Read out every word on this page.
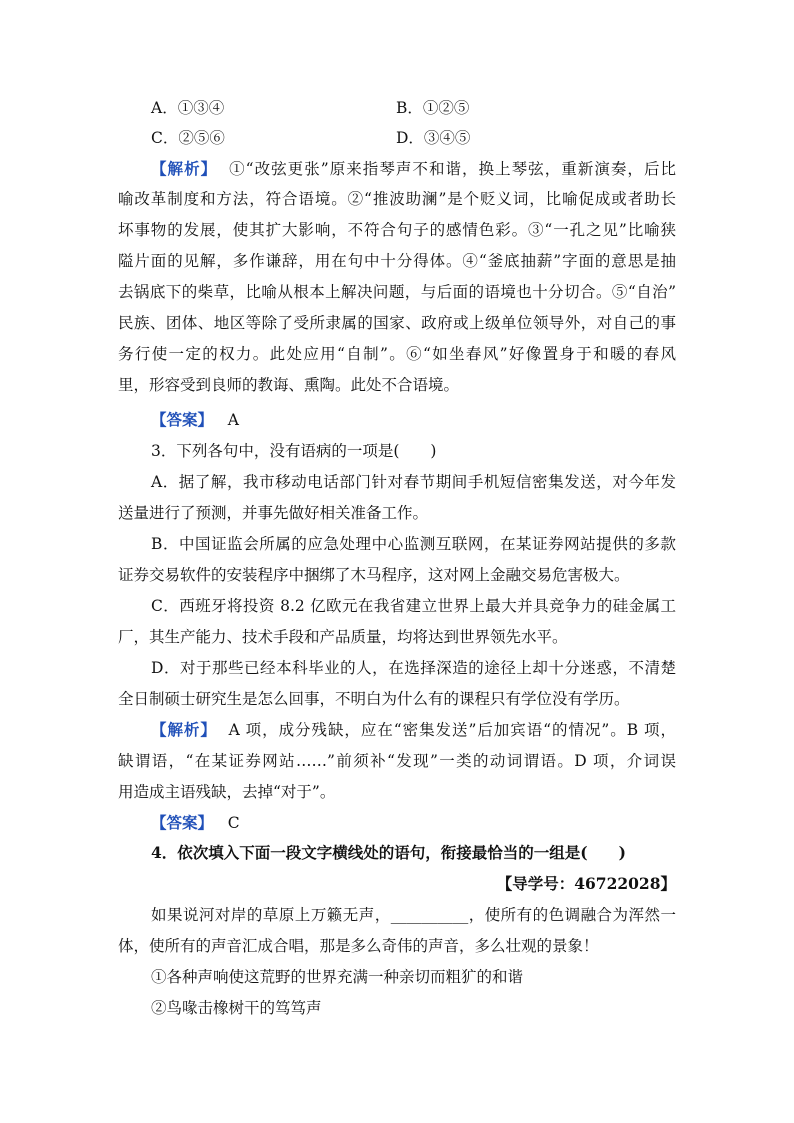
A．①③④	B．①②⑤
C．②⑤⑥	D．③④⑤
【解析】 ①“改弦更张”原来指琴声不和谐，换上琴弦，重新演奏，后比
喻改革制度和方法，符合语境。②“推波助澜”是个贬义词，比喻促成或者助长
坏事物的发展，使其扩大影响，不符合句子的感情色彩。③“一孔之见”比喻狭
隘片面的见解，多作谦辞，用在句中十分得体。④“釜底抽薪”字面的意思是抽
去锅底下的柴草，比喻从根本上解决问题，与后面的语境也十分切合。⑤“自治”
民族、团体、地区等除了受所隶属的国家、政府或上级单位领导外，对自己的事
务行使一定的权力。此处应用“自制”。⑥“如坐春风”好像置身于和暖的春风
里，形容受到良师的教诲、熏陶。此处不合语境。
【答案】 A
3．下列各句中，没有语病的一项是(　　)
A．据了解，我市移动电话部门针对春节期间手机短信密集发送，对今年发
送量进行了预测，并事先做好相关准备工作。
B．中国证监会所属的应急处理中心监测互联网，在某证券网站提供的多款
证券交易软件的安装程序中捆绑了木马程序，这对网上金融交易危害极大。
C．西班牙将投资 8.2 亿欧元在我省建立世界上最大并具竞争力的硅金属工
厂，其生产能力、技术手段和产品质量，均将达到世界领先水平。
D．对于那些已经本科毕业的人，在选择深造的途径上却十分迷惑，不清楚
全日制硕士研究生是怎么回事，不明白为什么有的课程只有学位没有学历。
【解析】 A 项，成分残缺，应在“密集发送”后加宾语“的情况”。B 项，
缺谓语，“在某证券网站……”前须补“发现”一类的动词谓语。D 项，介词误
用造成主语残缺，去掉“对于”。
【答案】 C
4．依次填入下面一段文字横线处的语句，衔接最恰当的一组是(　　)
【导学号：46722028】
如果说河对岸的草原上万籁无声，__________，使所有的色调融合为浑然一
体，使所有的声音汇成合唱，那是多么奇伟的声音，多么壮观的景象！
①各种声响使这荒野的世界充满一种亲切而粗犷的和谐
②鸟喙击橡树干的笃笃声
